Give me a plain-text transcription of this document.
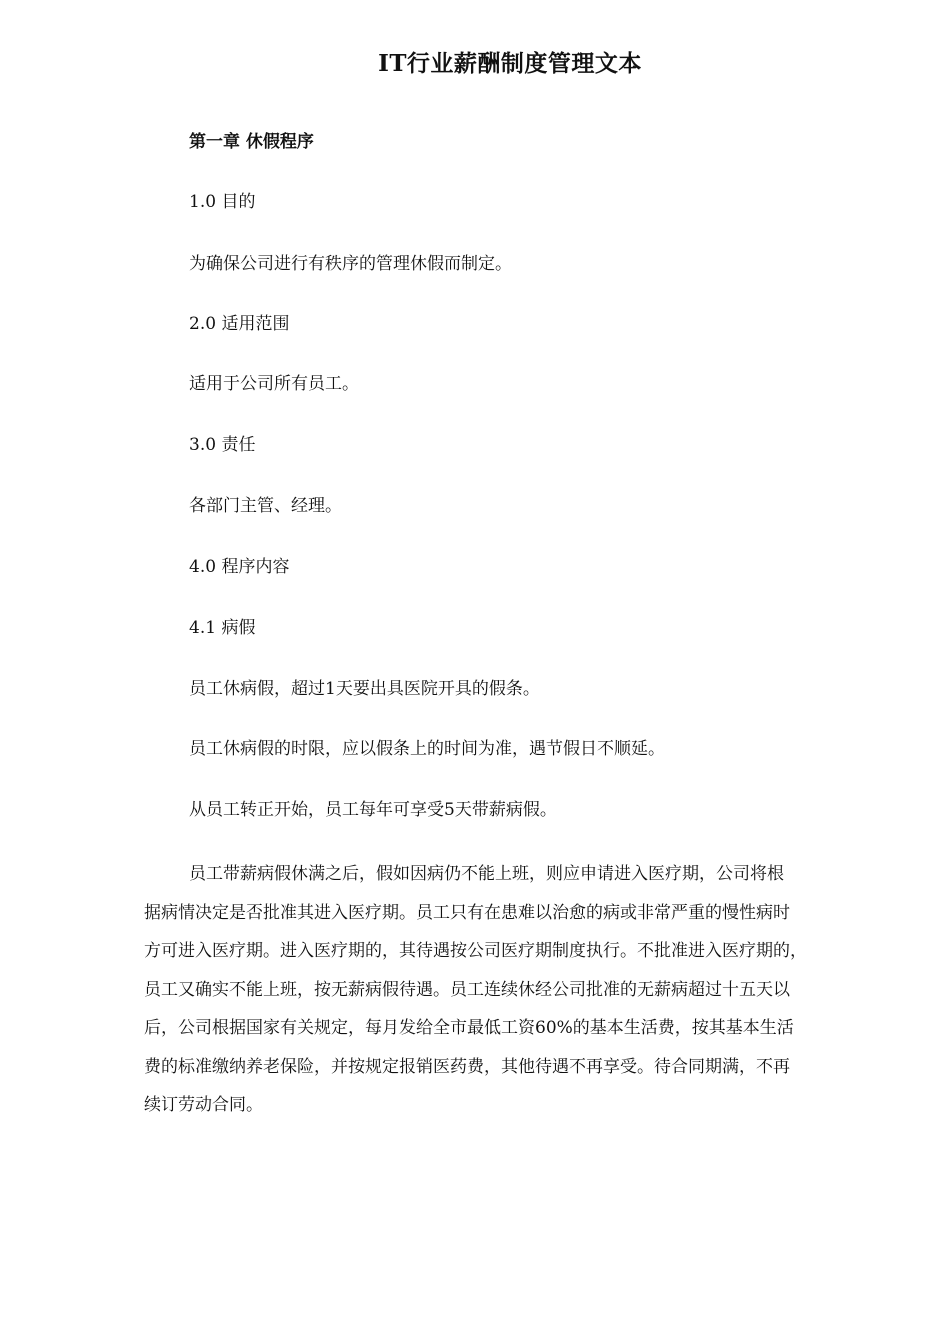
IT行业薪酬制度管理文本
第一章 休假程序
1.0 目的
为确保公司进行有秩序的管理休假而制定。
2.0 适用范围
适用于公司所有员工。
3.0 责任
各部门主管、经理。
4.0 程序内容
4.1 病假
员工休病假，超过1天要出具医院开具的假条。
员工休病假的时限，应以假条上的时间为准，遇节假日不顺延。
从员工转正开始，员工每年可享受5天带薪病假。
员工带薪病假休满之后，假如因病仍不能上班，则应申请进入医疗期，公司将根
据病情决定是否批准其进入医疗期。员工只有在患难以治愈的病或非常严重的慢性病时
方可进入医疗期。进入医疗期的，其待遇按公司医疗期制度执行。不批准进入医疗期的，
员工又确实不能上班，按无薪病假待遇。员工连续休经公司批准的无薪病超过十五天以
后，公司根据国家有关规定，每月发给全市最低工资60%的基本生活费，按其基本生活
费的标准缴纳养老保险，并按规定报销医药费，其他待遇不再享受。待合同期满，不再
续订劳动合同。
